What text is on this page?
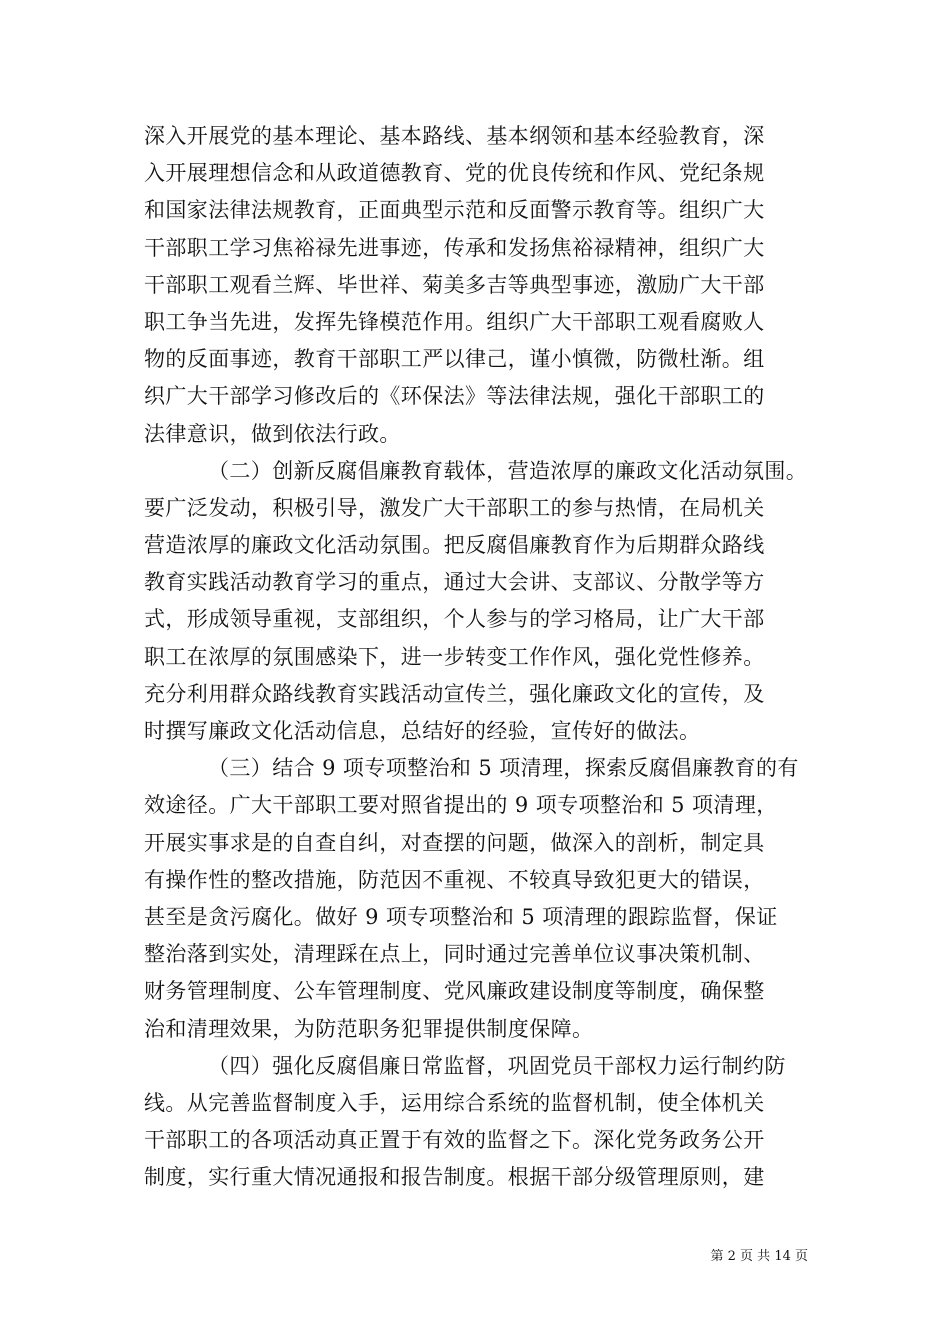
深入开展党的基本理论、基本路线、基本纲领和基本经验教育，深
入开展理想信念和从政道德教育、党的优良传统和作风、党纪条规
和国家法律法规教育，正面典型示范和反面警示教育等。组织广大
干部职工学习焦裕禄先进事迹，传承和发扬焦裕禄精神，组织广大
干部职工观看兰辉、毕世祥、菊美多吉等典型事迹，激励广大干部
职工争当先进，发挥先锋模范作用。组织广大干部职工观看腐败人
物的反面事迹，教育干部职工严以律己，谨小慎微，防微杜渐。组
织广大干部学习修改后的《环保法》等法律法规，强化干部职工的
法律意识，做到依法行政。
（二）创新反腐倡廉教育载体，营造浓厚的廉政文化活动氛围。
要广泛发动，积极引导，激发广大干部职工的参与热情，在局机关
营造浓厚的廉政文化活动氛围。把反腐倡廉教育作为后期群众路线
教育实践活动教育学习的重点，通过大会讲、支部议、分散学等方
式，形成领导重视，支部组织，个人参与的学习格局，让广大干部
职工在浓厚的氛围感染下，进一步转变工作作风，强化党性修养。
充分利用群众路线教育实践活动宣传兰，强化廉政文化的宣传，及
时撰写廉政文化活动信息，总结好的经验，宣传好的做法。
（三）结合 9 项专项整治和 5 项清理，探索反腐倡廉教育的有
效途径。广大干部职工要对照省提出的 9 项专项整治和 5 项清理，
开展实事求是的自查自纠，对查摆的问题，做深入的剖析，制定具
有操作性的整改措施，防范因不重视、不较真导致犯更大的错误，
甚至是贪污腐化。做好 9 项专项整治和 5 项清理的跟踪监督，保证
整治落到实处，清理踩在点上，同时通过完善单位议事决策机制、
财务管理制度、公车管理制度、党风廉政建设制度等制度，确保整
治和清理效果，为防范职务犯罪提供制度保障。
（四）强化反腐倡廉日常监督，巩固党员干部权力运行制约防
线。从完善监督制度入手，运用综合系统的监督机制，使全体机关
干部职工的各项活动真正置于有效的监督之下。深化党务政务公开
制度，实行重大情况通报和报告制度。根据干部分级管理原则，建
第 2 页 共 14 页
